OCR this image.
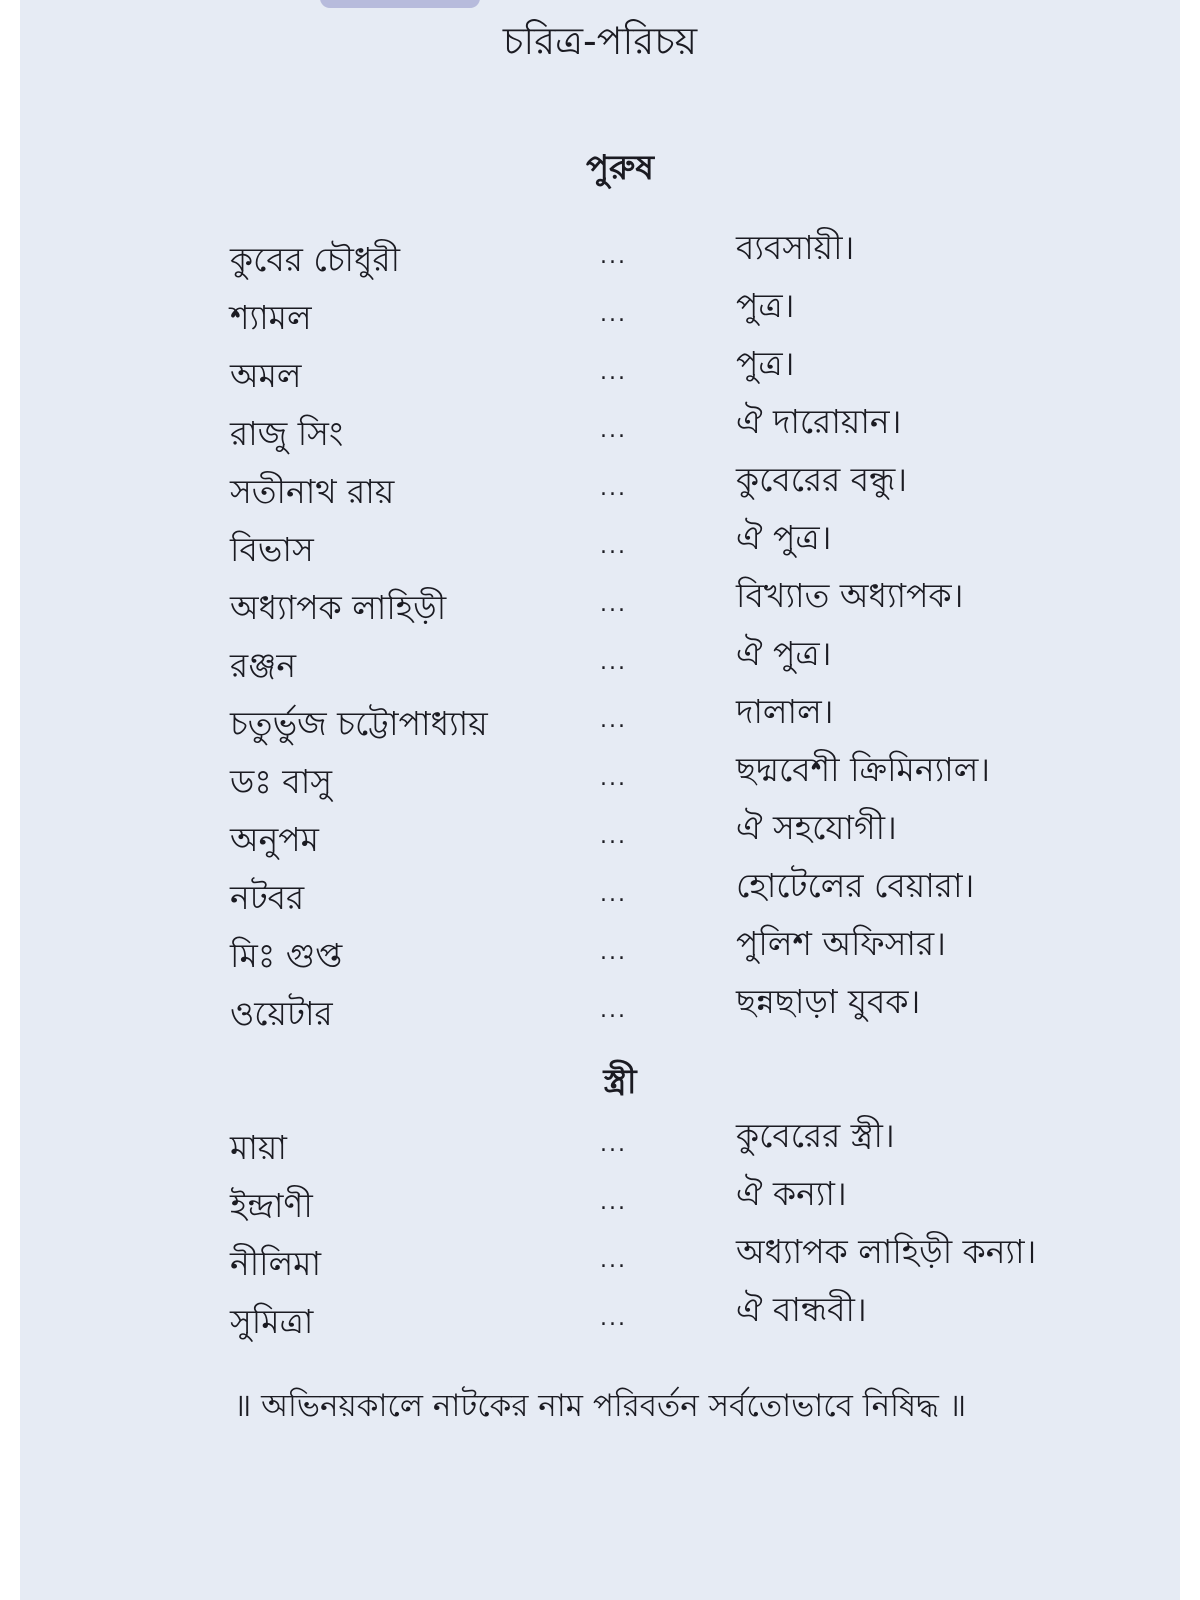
চরিত্র-পরিচয়
পুরুষ
কুবের চৌধুরী	...	ব্যবসায়ী।
শ্যামল	...	পুত্র।
অমল	...	পুত্র।
রাজু সিং	...	ঐ দারোয়ান।
সতীনাথ রায়	...	কুবেরের বন্ধু।
বিভাস	...	ঐ পুত্র।
অধ্যাপক লাহিড়ী	...	বিখ্যাত অধ্যাপক।
রঞ্জন	...	ঐ পুত্র।
চতুর্ভুজ চট্টোপাধ্যায়	...	দালাল।
ডঃ বাসু	...	ছদ্মবেশী ক্রিমিন্যাল।
অনুপম	...	ঐ সহযোগী।
নটবর	...	হোটেলের বেয়ারা।
মিঃ গুপ্ত	...	পুলিশ অফিসার।
ওয়েটার	...	ছন্নছাড়া যুবক।
স্ত্রী
মায়া	...	কুবেরের স্ত্রী।
ইন্দ্রাণী	...	ঐ কন্যা।
নীলিমা	...	অধ্যাপক লাহিড়ী কন্যা।
সুমিত্রা	...	ঐ বান্ধবী।
॥ অভিনয়কালে নাটকের নাম পরিবর্তন সর্বতোভাবে নিষিদ্ধ ॥
